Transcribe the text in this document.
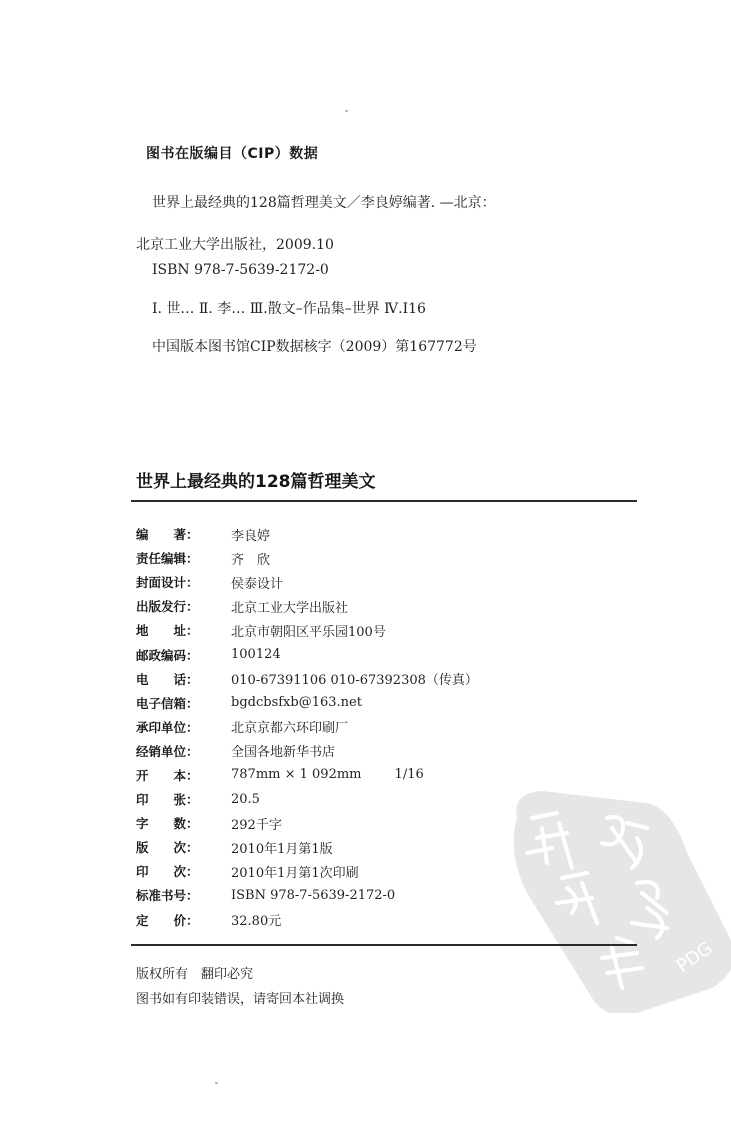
图书在版编目（CIP）数据
世界上最经典的128篇哲理美文／李良婷编著. —北京：
北京工业大学出版社，2009.10
ISBN 978-7-5639-2172-0
Ⅰ. 世… Ⅱ. 李… Ⅲ.散文–作品集–世界 Ⅳ.I16
中国版本图书馆CIP数据核字（2009）第167772号
世界上最经典的128篇哲理美文
编　　著：	李良婷
责任编辑：	齐　欣
封面设计：	侯泰设计
出版发行：	北京工业大学出版社
地　　址：	北京市朝阳区平乐园100号
邮政编码：	100124
电　　话：	010-67391106 010-67392308（传真）
电子信箱：	bgdcbsfxb@163.net
承印单位：	北京京都六环印刷厂
经销单位：	全国各地新华书店
开　　本：	787mm × 1 092mm        1/16
印　　张：	20.5
字　　数：	292千字
版　　次：	2010年1月第1版
印　　次：	2010年1月第1次印刷
标准书号：	ISBN 978-7-5639-2172-0
定　　价：	32.80元
PDG
版权所有　翻印必究
图书如有印装错误，请寄回本社调换
